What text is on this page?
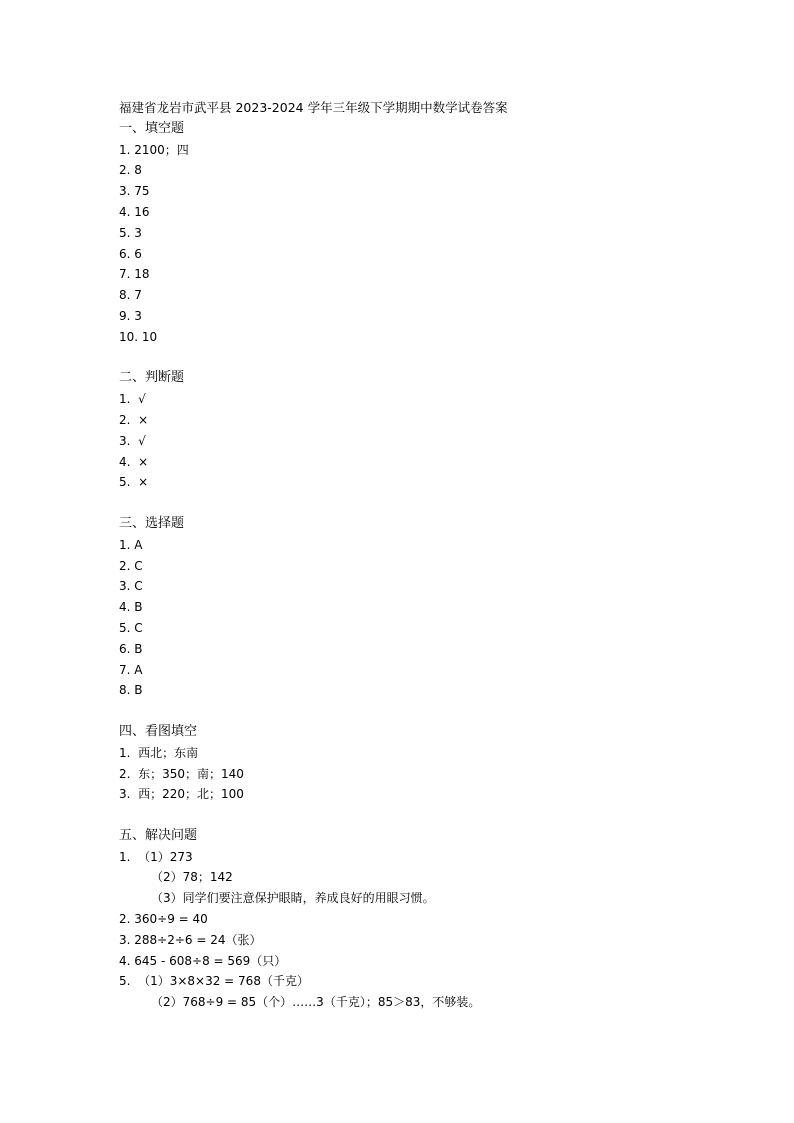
福建省龙岩市武平县 2023-2024 学年三年级下学期期中数学试卷答案
一、填空题
1. 2100；四
2. 8
3. 75
4. 16
5. 3
6. 6
7. 18
8. 7
9. 3
10. 10
二、判断题
1.  √
2.  ×
3.  √
4.  ×
5.  ×
三、选择题
1. A
2. C
3. C
4. B
5. C
6. B
7. A
8. B
四、看图填空
1.  西北；东南
2.  东；350；南；140
3.  西；220；北；100
五、解决问题
1.  （1）273
（2）78；142
（3）同学们要注意保护眼睛，养成良好的用眼习惯。
2. 360÷9 = 40
3. 288÷2÷6 = 24（张）
4. 645 - 608÷8 = 569（只）
5.  （1）3×8×32 = 768（千克）
（2）768÷9 = 85（个）……3（千克）；85＞83，不够装。
